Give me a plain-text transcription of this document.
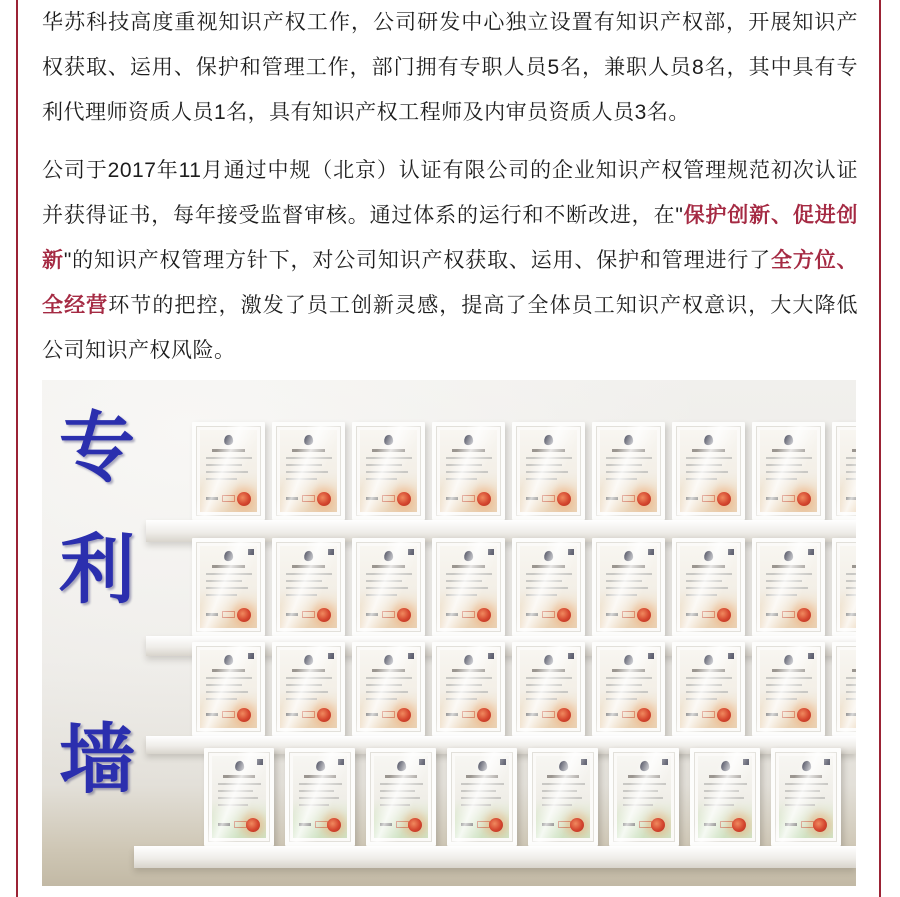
华苏科技高度重视知识产权工作，公司研发中心独立设置有知识产权部，开展知识产权获取、运用、保护和管理工作，部门拥有专职人员5名，兼职人员8名，其中具有专利代理师资质人员1名，具有知识产权工程师及内审员资质人员3名。

公司于2017年11月通过中规（北京）认证有限公司的企业知识产权管理规范初次认证并获得证书，每年接受监督审核。通过体系的运行和不断改进，在"保护创新、促进创新"的知识产权管理方针下，对公司知识产权获取、运用、保护和管理进行了全方位、全经营环节的把控，激发了员工创新灵感，提高了全体员工知识产权意识，大大降低公司知识产权风险。

专
利
墙
